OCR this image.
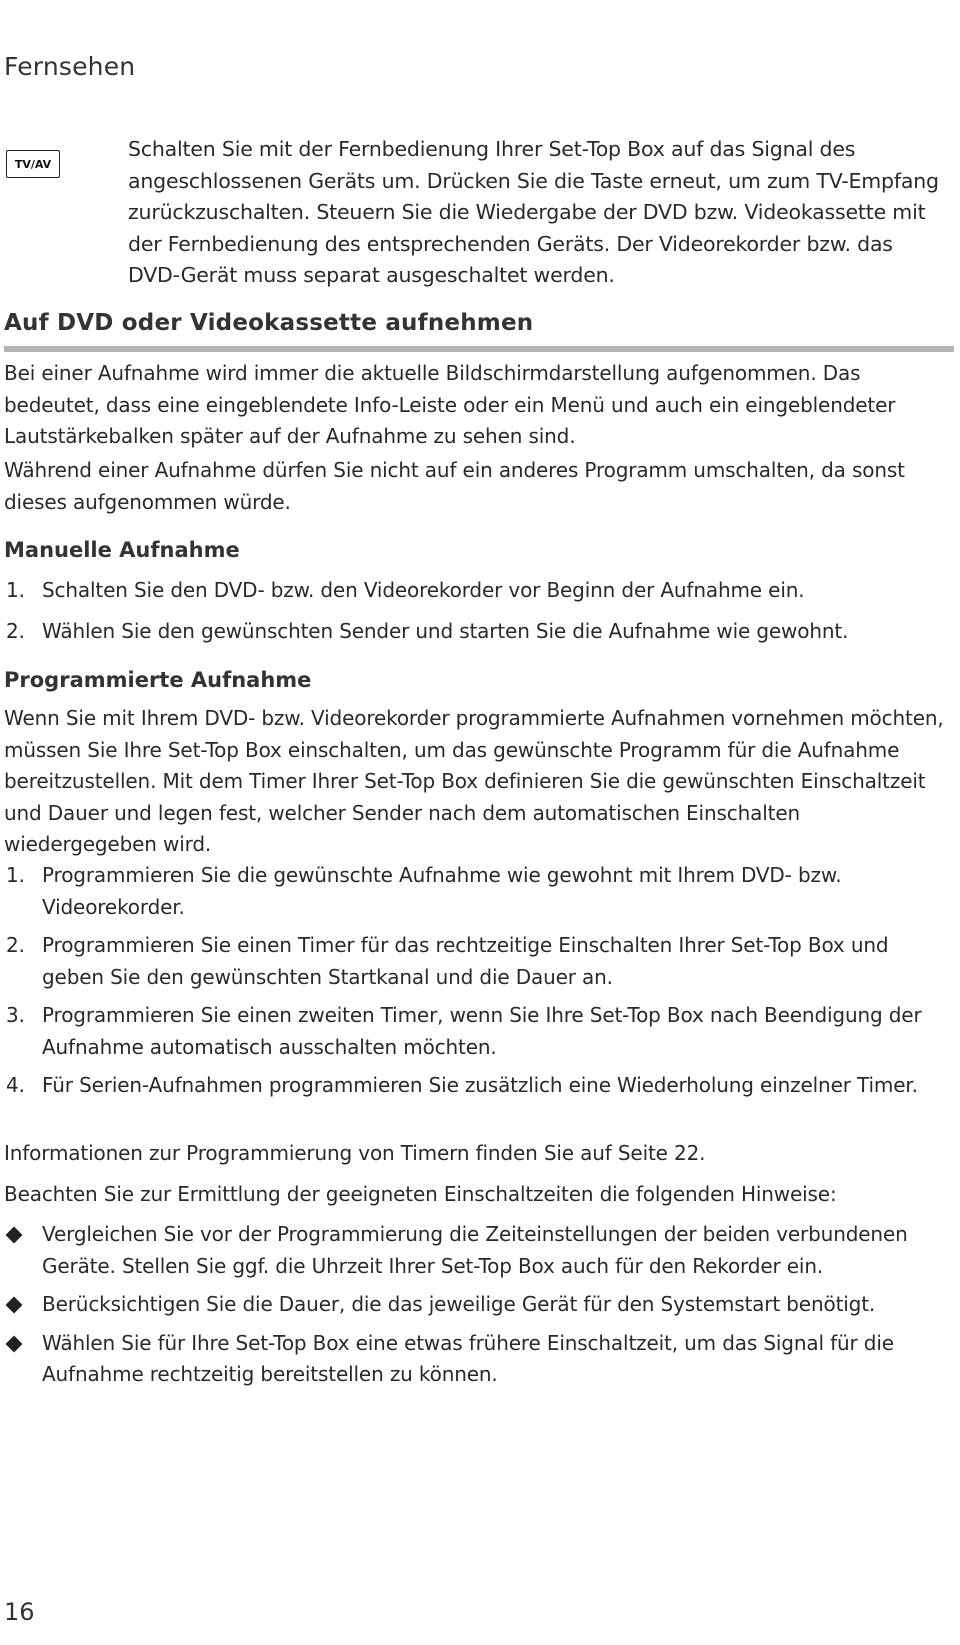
Fernsehen
TV/AV
Schalten Sie mit der Fernbedienung Ihrer Set-Top Box auf das Signal des angeschlossenen Geräts um. Drücken Sie die Taste erneut, um zum TV-Empfang zurückzuschalten. Steuern Sie die Wiedergabe der DVD bzw. Videokassette mit der Fernbedienung des entsprechenden Geräts. Der Videorekorder bzw. das DVD-Gerät muss separat ausgeschaltet werden.
Auf DVD oder Videokassette aufnehmen
Bei einer Aufnahme wird immer die aktuelle Bildschirmdarstellung aufgenommen. Das bedeutet, dass eine eingeblendete Info-Leiste oder ein Menü und auch ein eingeblendeter Lautstärkebalken später auf der Aufnahme zu sehen sind.
Während einer Aufnahme dürfen Sie nicht auf ein anderes Programm umschalten, da sonst dieses aufgenommen würde.
Manuelle Aufnahme
1. Schalten Sie den DVD- bzw. den Videorekorder vor Beginn der Aufnahme ein.
2. Wählen Sie den gewünschten Sender und starten Sie die Aufnahme wie gewohnt.
Programmierte Aufnahme
Wenn Sie mit Ihrem DVD- bzw. Videorekorder programmierte Aufnahmen vornehmen möchten, müssen Sie Ihre Set-Top Box einschalten, um das gewünschte Programm für die Aufnahme bereitzustellen. Mit dem Timer Ihrer Set-Top Box definieren Sie die gewünschten Einschaltzeit und Dauer und legen fest, welcher Sender nach dem automatischen Einschalten wiedergegeben wird.
1. Programmieren Sie die gewünschte Aufnahme wie gewohnt mit Ihrem DVD- bzw. Videorekorder.
2. Programmieren Sie einen Timer für das rechtzeitige Einschalten Ihrer Set-Top Box und geben Sie den gewünschten Startkanal und die Dauer an.
3. Programmieren Sie einen zweiten Timer, wenn Sie Ihre Set-Top Box nach Beendigung der Aufnahme automatisch ausschalten möchten.
4. Für Serien-Aufnahmen programmieren Sie zusätzlich eine Wiederholung einzelner Timer.
Informationen zur Programmierung von Timern finden Sie auf Seite 22.
Beachten Sie zur Ermittlung der geeigneten Einschaltzeiten die folgenden Hinweise:
Vergleichen Sie vor der Programmierung die Zeiteinstellungen der beiden verbundenen Geräte. Stellen Sie ggf. die Uhrzeit Ihrer Set-Top Box auch für den Rekorder ein.
Berücksichtigen Sie die Dauer, die das jeweilige Gerät für den Systemstart benötigt.
Wählen Sie für Ihre Set-Top Box eine etwas frühere Einschaltzeit, um das Signal für die Aufnahme rechtzeitig bereitstellen zu können.
16
